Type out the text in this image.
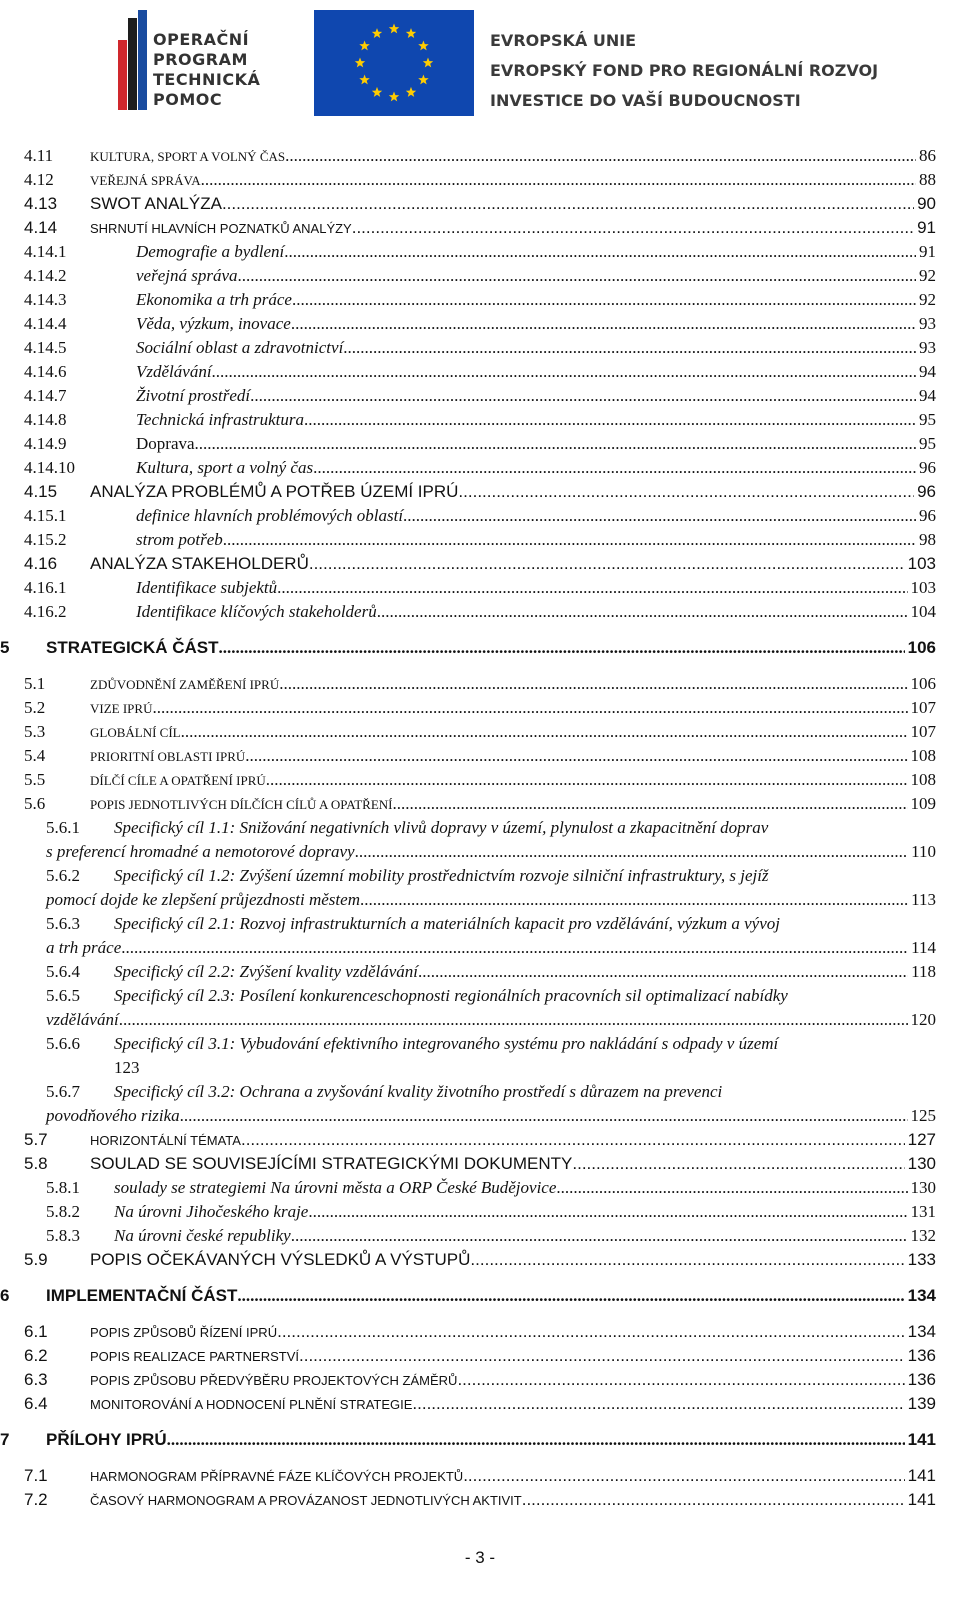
OPERAČNÍ
PROGRAM
TECHNICKÁ
POMOC
EVROPSKÁ UNIE
EVROPSKÝ FOND PRO REGIONÁLNÍ ROZVOJ
INVESTICE DO VAŠÍ BUDOUCNOSTI
4.11	KULTURA, SPORT A VOLNÝ ČAS .....	86
4.12	VEŘEJNÁ SPRÁVA .....	88
4.13	SWOT ANALÝZA .....	90
4.14	SHRNUTÍ HLAVNÍCH POZNATKŮ ANALÝZY .....	91
4.14.1	Demografie a bydlení .....	91
4.14.2	veřejná správa .....	92
4.14.3	Ekonomika a trh práce .....	92
4.14.4	Věda, výzkum, inovace .....	93
4.14.5	Sociální oblast a zdravotnictví .....	93
4.14.6	Vzdělávání .....	94
4.14.7	Životní prostředí .....	94
4.14.8	Technická infrastruktura .....	95
4.14.9	Doprava .....	95
4.14.10	Kultura, sport a volný čas .....	96
4.15	ANALÝZA PROBLÉMŮ A POTŘEB ÚZEMÍ IPRÚ .....	96
4.15.1	definice hlavních problémových oblastí .....	96
4.15.2	strom potřeb .....	98
4.16	ANALÝZA STAKEHOLDERŮ .....	103
4.16.1	Identifikace subjektů .....	103
4.16.2	Identifikace klíčových stakeholderů .....	104
5	STRATEGICKÁ ČÁST .....	106
5.1	ZDŮVODNĚNÍ ZAMĚŘENÍ IPRÚ .....	106
5.2	VIZE IPRÚ .....	107
5.3	GLOBÁLNÍ CÍL .....	107
5.4	PRIORITNÍ OBLASTI IPRÚ .....	108
5.5	DÍLČÍ CÍLE A OPATŘENÍ IPRÚ .....	108
5.6	POPIS JEDNOTLIVÝCH DÍLČÍCH CÍLŮ A OPATŘENÍ .....	109
5.6.1 Specifický cíl 1.1: Snižování negativních vlivů dopravy v území, plynulost a zkapacitnění doprav
s preferencí hromadné a nemotorové dopravy .....	110
5.6.2 Specifický cíl 1.2: Zvýšení územní mobility prostřednictvím rozvoje silniční infrastruktury, s jejíž
pomocí dojde ke zlepšení průjezdnosti městem .....	113
5.6.3 Specifický cíl 2.1: Rozvoj infrastrukturních a materiálních kapacit pro vzdělávání, výzkum a vývoj
a trh práce .....	114
5.6.4	Specifický cíl 2.2: Zvýšení kvality vzdělávání .....	118
5.6.5 Specifický cíl 2.3: Posílení konkurenceschopnosti regionálních pracovních sil optimalizací nabídky
vzdělávání .....	120
5.6.6 Specifický cíl 3.1: Vybudování efektivního integrovaného systému pro nakládání s odpady v území
123
5.6.7 Specifický cíl 3.2: Ochrana a zvyšování kvality životního prostředí s důrazem na prevenci
povodňového rizika .....	125
5.7	HORIZONTÁLNÍ TÉMATA .....	127
5.8	SOULAD SE SOUVISEJÍCÍMI STRATEGICKÝMI DOKUMENTY .....	130
5.8.1	soulady se strategiemi Na úrovni města a ORP České Budějovice .....	130
5.8.2	Na úrovni Jihočeského kraje .....	131
5.8.3	Na úrovni české republiky .....	132
5.9	POPIS OČEKÁVANÝCH VÝSLEDKŮ A VÝSTUPŮ .....	133
6	IMPLEMENTAČNÍ ČÁST .....	134
6.1	POPIS ZPŮSOBŮ ŘÍZENÍ IPRÚ .....	134
6.2	POPIS REALIZACE PARTNERSTVÍ .....	136
6.3	POPIS ZPŮSOBU PŘEDVÝBĚRU PROJEKTOVÝCH ZÁMĚRŮ .....	136
6.4	MONITOROVÁNÍ A HODNOCENÍ PLNĚNÍ STRATEGIE .....	139
7	PŘÍLOHY IPRÚ .....	141
7.1	HARMONOGRAM PŘÍPRAVNÉ FÁZE KLÍČOVÝCH PROJEKTŮ .....	141
7.2	ČASOVÝ HARMONOGRAM A PROVÁZANOST JEDNOTLIVÝCH AKTIVIT .....	141
- 3 -
